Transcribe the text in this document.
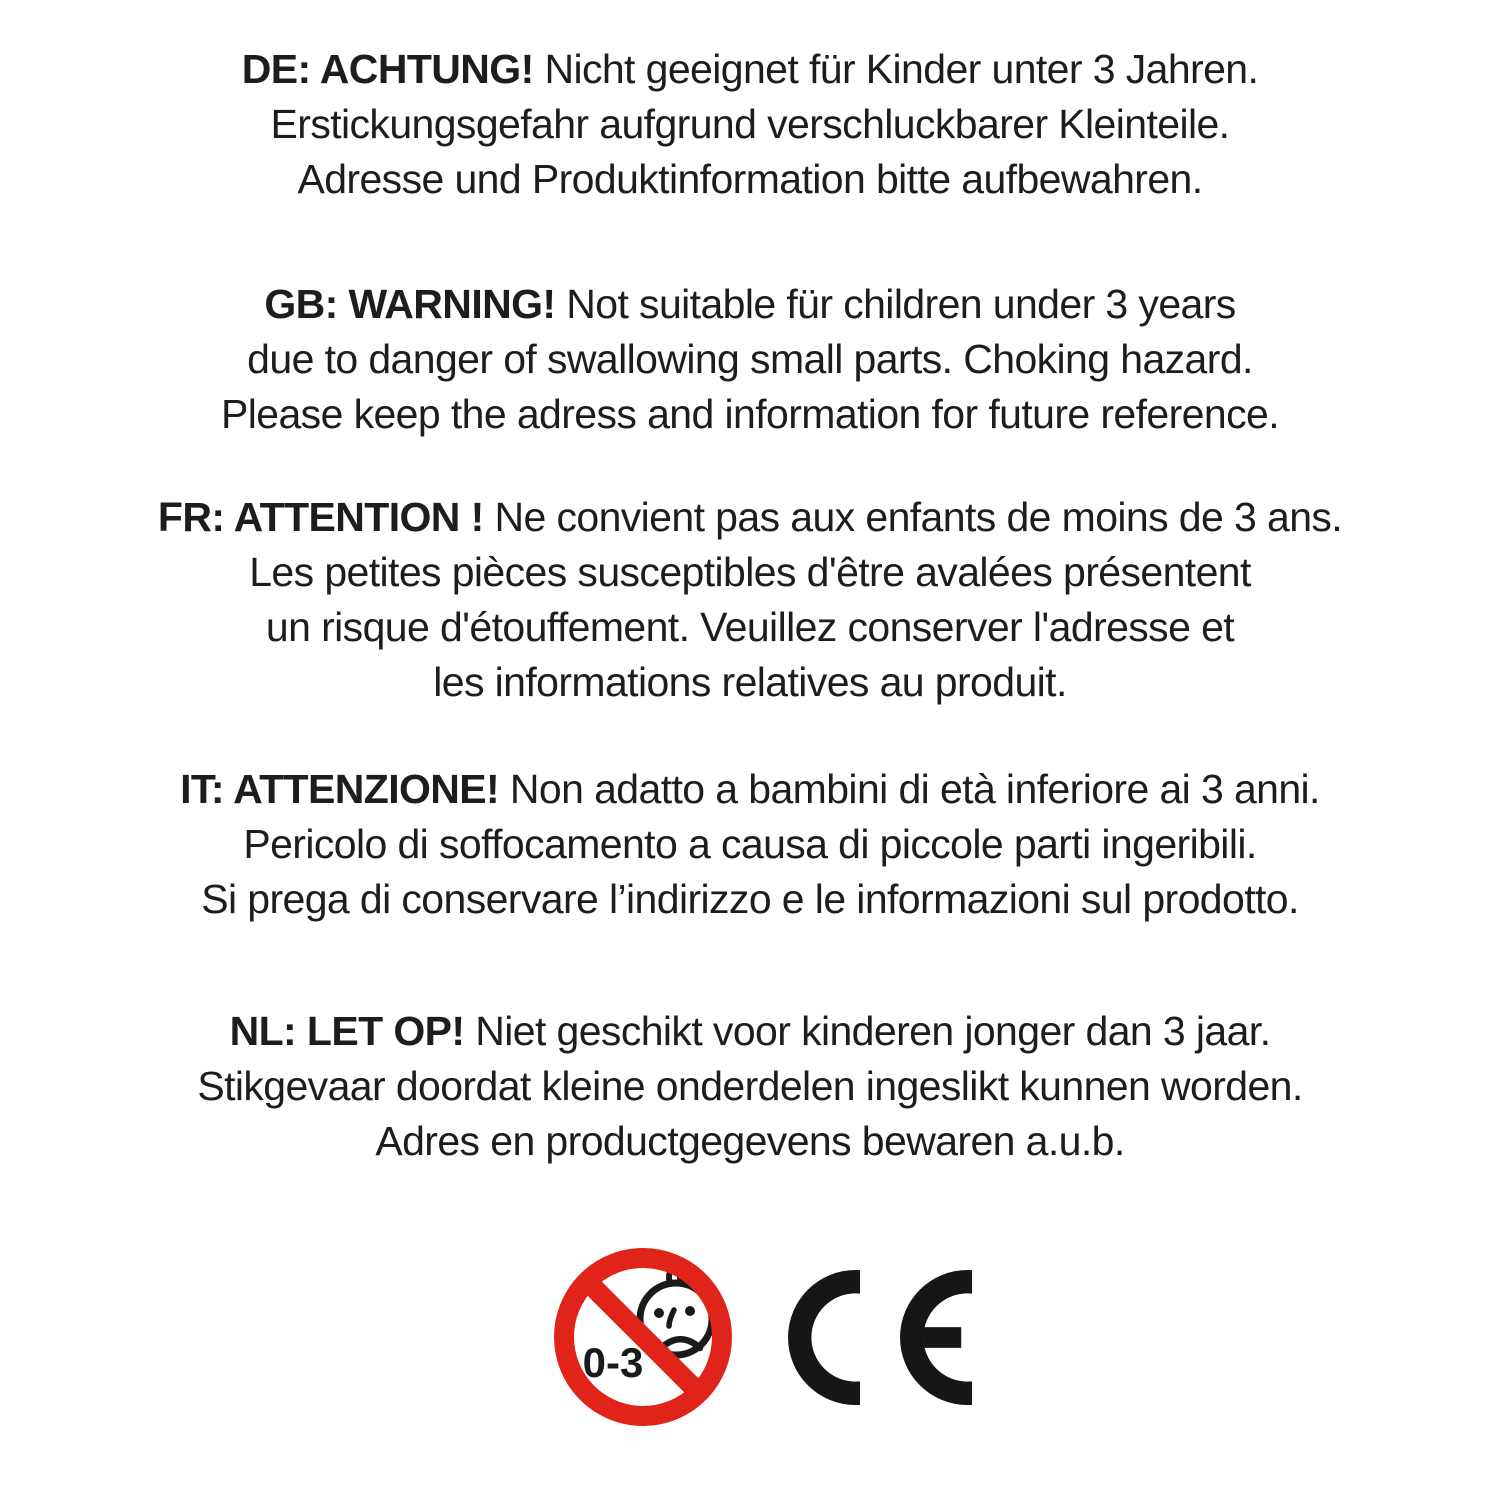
DE: ACHTUNG! Nicht geeignet für Kinder unter 3 Jahren.

Erstickungsgefahr aufgrund verschluckbarer Kleinteile.

Adresse und Produktinformation bitte aufbewahren.

GB: WARNING! Not suitable für children under 3 years

due to danger of swallowing small parts. Choking hazard.

Please keep the adress and information for future reference.

FR: ATTENTION ! Ne convient pas aux enfants de moins de 3 ans.

Les petites pièces susceptibles d'être avalées présentent

un risque d'étouffement. Veuillez conserver l'adresse et

les informations relatives au produit.

IT: ATTENZIONE! Non adatto a bambini di età inferiore ai 3 anni.

Pericolo di soffocamento a causa di piccole parti ingeribili.

Si prega di conservare l’indirizzo e le informazioni sul prodotto.

NL: LET OP! Niet geschikt voor kinderen jonger dan 3 jaar.

Stikgevaar doordat kleine onderdelen ingeslikt kunnen worden.

Adres en productgegevens bewaren a.u.b.

0-3
